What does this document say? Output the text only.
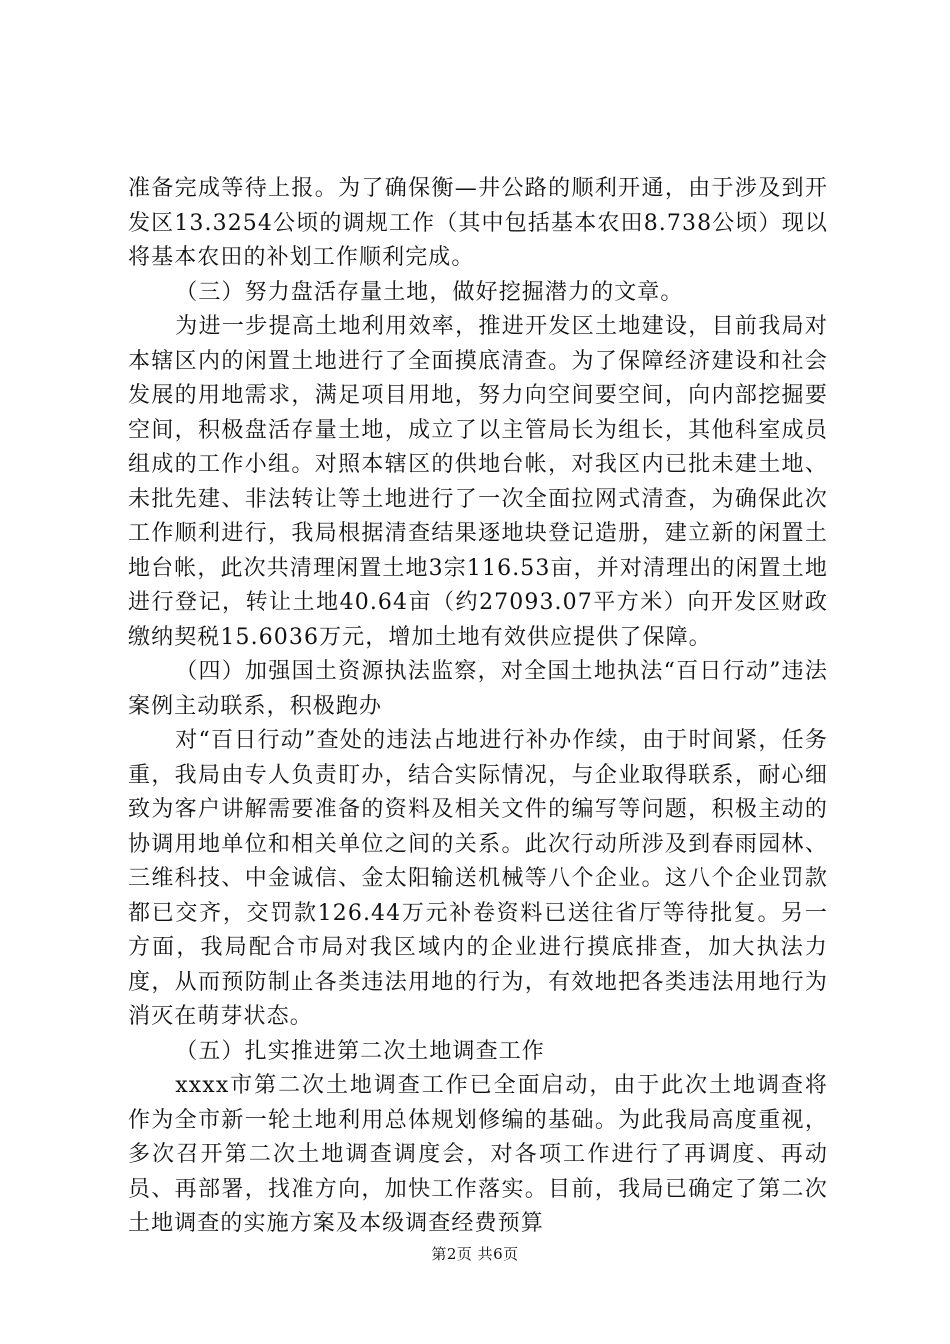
准备完成等待上报。为了确保衡—井公路的顺利开通，由于涉及到开发区13.3254公顷的调规工作（其中包括基本农田8.738公顷）现以将基本农田的补划工作顺利完成。

（三）努力盘活存量土地，做好挖掘潜力的文章。

为进一步提高土地利用效率，推进开发区土地建设，目前我局对本辖区内的闲置土地进行了全面摸底清查。为了保障经济建设和社会发展的用地需求，满足项目用地，努力向空间要空间，向内部挖掘要空间，积极盘活存量土地，成立了以主管局长为组长，其他科室成员组成的工作小组。对照本辖区的供地台帐，对我区内已批未建土地、未批先建、非法转让等土地进行了一次全面拉网式清查，为确保此次工作顺利进行，我局根据清查结果逐地块登记造册，建立新的闲置土地台帐，此次共清理闲置土地3宗116.53亩，并对清理出的闲置土地进行登记，转让土地40.64亩（约27093.07平方米）向开发区财政缴纳契税15.6036万元，增加土地有效供应提供了保障。

（四）加强国土资源执法监察，对全国土地执法“百日行动”违法案例主动联系，积极跑办

对“百日行动”查处的违法占地进行补办作续，由于时间紧，任务重，我局由专人负责盯办，结合实际情况，与企业取得联系，耐心细致为客户讲解需要准备的资料及相关文件的编写等问题，积极主动的协调用地单位和相关单位之间的关系。此次行动所涉及到春雨园林、三维科技、中金诚信、金太阳输送机械等八个企业。这八个企业罚款都已交齐，交罚款126.44万元补卷资料已送往省厅等待批复。另一方面，我局配合市局对我区域内的企业进行摸底排查，加大执法力度，从而预防制止各类违法用地的行为，有效地把各类违法用地行为消灭在萌芽状态。

（五）扎实推进第二次土地调查工作

xxxx市第二次土地调查工作已全面启动，由于此次土地调查将作为全市新一轮土地利用总体规划修编的基础。为此我局高度重视，多次召开第二次土地调查调度会，对各项工作进行了再调度、再动员、再部署，找准方向，加快工作落实。目前，我局已确定了第二次土地调查的实施方案及本级调查经费预算

第2页 共6页
